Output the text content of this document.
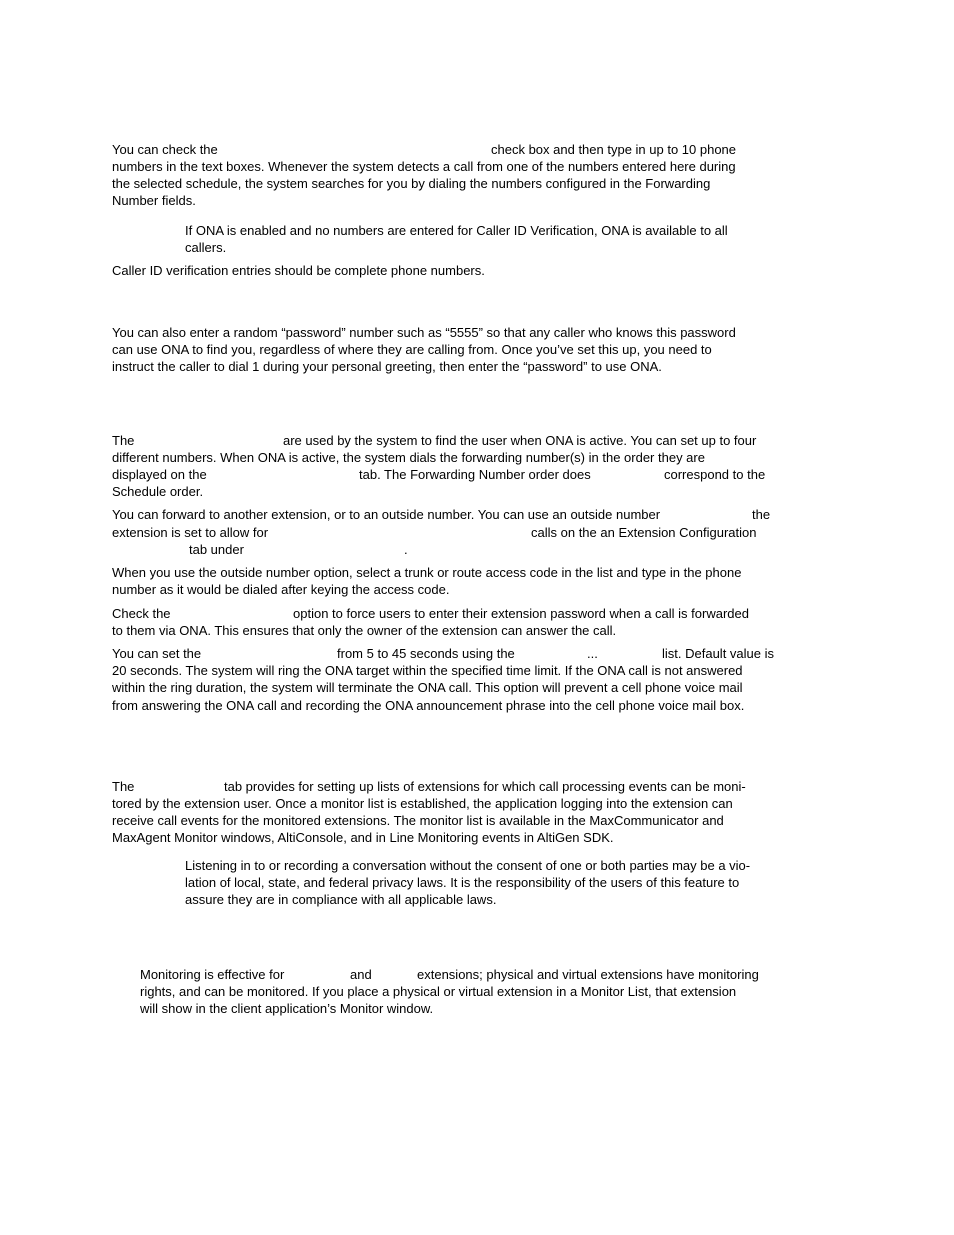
You can check the	check box and then type in up to 10 phone

numbers in the text boxes. Whenever the system detects a call from one of the numbers entered here during

the selected schedule, the system searches for you by dialing the numbers configured in the Forwarding

Number fields.

If ONA is enabled and no numbers are entered for Caller ID Verification, ONA is available to all

callers.

Caller ID verification entries should be complete phone numbers.

You can also enter a random “password” number such as “5555” so that any caller who knows this password

can use ONA to find you, regardless of where they are calling from. Once you’ve set this up, you need to

instruct the caller to dial 1 during your personal greeting, then enter the “password” to use ONA.

The	are used by the system to find the user when ONA is active. You can set up to four

different numbers. When ONA is active, the system dials the forwarding number(s) in the order they are

displayed on the	tab. The Forwarding Number order does	correspond to the

Schedule order.

You can forward to another extension, or to an outside number. You can use an outside number	the

extension is set to allow for	calls on the an Extension Configuration

tab under	.

When you use the outside number option, select a trunk or route access code in the list and type in the phone

number as it would be dialed after keying the access code.

Check the	option to force users to enter their extension password when a call is forwarded

to them via ONA. This ensures that only the owner of the extension can answer the call.

You can set the	from 5 to 45 seconds using the	...	list. Default value is

20 seconds. The system will ring the ONA target within the specified time limit. If the ONA call is not answered

within the ring duration, the system will terminate the ONA call. This option will prevent a cell phone voice mail

from answering the ONA call and recording the ONA announcement phrase into the cell phone voice mail box.

The	tab provides for setting up lists of extensions for which call processing events can be moni-

tored by the extension user. Once a monitor list is established, the application logging into the extension can

receive call events for the monitored extensions. The monitor list is available in the MaxCommunicator and

MaxAgent Monitor windows, AltiConsole, and in Line Monitoring events in AltiGen SDK.

Listening in to or recording a conversation without the consent of one or both parties may be a vio-

lation of local, state, and federal privacy laws. It is the responsibility of the users of this feature to

assure they are in compliance with all applicable laws.

Monitoring is effective for	and	extensions; physical and virtual extensions have monitoring

rights, and can be monitored. If you place a physical or virtual extension in a Monitor List, that extension

will show in the client application’s Monitor window.
